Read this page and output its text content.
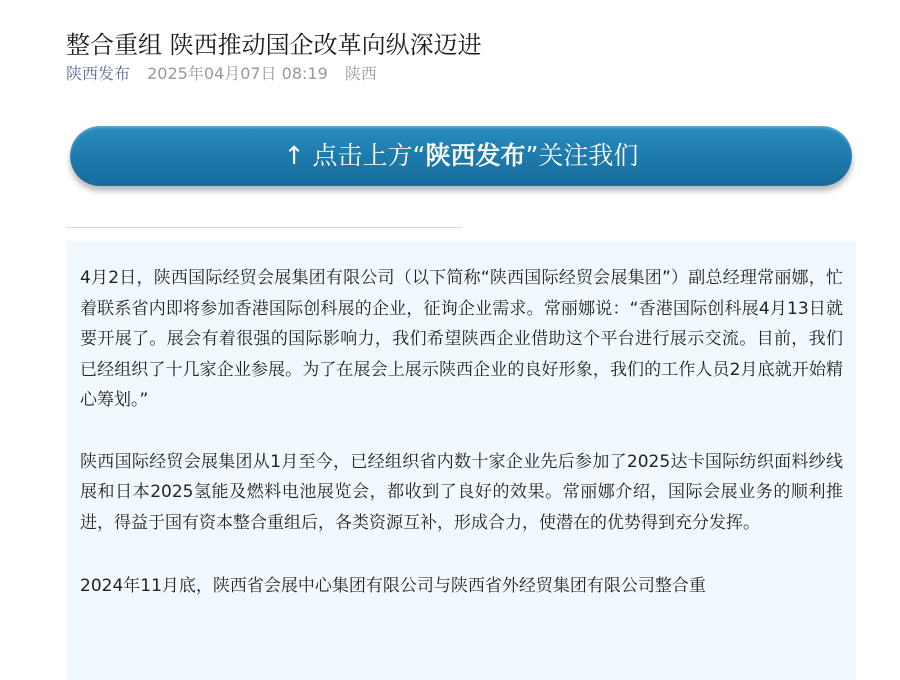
整合重组 陕西推动国企改革向纵深迈进
陕西发布 2025年04月07日 08:19 陕西
↑ 点击上方“陕西发布”关注我们

4月2日，陕西国际经贸会展集团有限公司（以下简称“陕西国际经贸会展集团”）副总经理常丽娜，忙着联系省内即将参加香港国际创科展的企业，征询企业需求。常丽娜说：“香港国际创科展4月13日就要开展了。展会有着很强的国际影响力，我们希望陕西企业借助这个平台进行展示交流。目前，我们已经组织了十几家企业参展。为了在展会上展示陕西企业的良好形象，我们的工作人员2月底就开始精心筹划。”

陕西国际经贸会展集团从1月至今，已经组织省内数十家企业先后参加了2025达卡国际纺织面料纱线展和日本2025氢能及燃料电池展览会，都收到了良好的效果。常丽娜介绍，国际会展业务的顺利推进，得益于国有资本整合重组后，各类资源互补，形成合力，使潜在的优势得到充分发挥。

2024年11月底，陕西省会展中心集团有限公司与陕西省外经贸集团有限公司整合重
